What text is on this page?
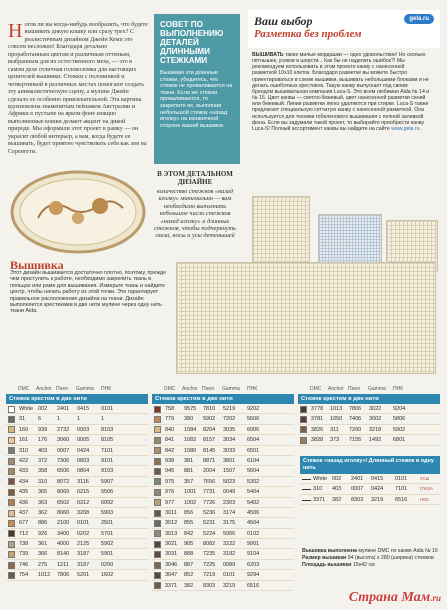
Н огли ли вы когда-нибудь вообразить, что будете вышивать дикую кошку или сразу трех? С реалистичным дизайном Джейн Кемп это совсем несложно! Благодаря детально проработанным цветам и различным оттенкам, выбранным для их естественного меха, — это в самом деле отличная головоломка для настоящих ценителей вышивки. Стежки с половинкой и четвертинкой в различных местах помогают создать эту анималистическую сцену, а мулине Джейн сделало ее особенно привлекательной. Эта картина вдохновлена знаменитым пейзажем Австралии и Африки в пустыне на ярком фоне изящно выполненные кошки делают акцент на дикой природе. Мы оформили этот проект в рамку — он украсит любой интерьер, а вам, когда будете ее вышивать, будет приятно чувствовать себя как лев на Серенгети.
СОВЕТ ПО ВЫПОЛНЕНИЮ ДЕТАЛЕЙ ДЛИННЫМИ СТЕЖКАМИ
Вышивая эти длинные стежки, убедитесь, что стежок не проваливается на ткани. Если же стежки проваливаются, то закрепите их, выполнив небольшой стежок «назад иголку» на изнаночной стороне вашей вышивки.
Ваш выбор
Разметка без проблем
gela.ru
ВЫШИВАТЬ такие милые мордашки — одно удовольствие! Но сколько пятнышек, усиков и шерсти... Как бы не наделать ошибок?! Мы рекомендуем использовать в этом проекте канву с нанесенной разметкой 10х10 клеток. Благодаря разметке вы можете быстро ориентироваться в схеме вышивки, вышивать небольшими блоками и не делать ошибочных крестиков. Такую канву выпускает под своим брендом вышивальная компания Luca-S. Это всем любимая Aida № 14 и № 16. Цвет канвы — светло-бежевый, цвет нанесенной разметки синий или бежевый. Линии разметки легко удаляются при стирке. Luca-S также предлагает специальную сетчатую канву с нанесенной разметкой. Она используется для техники гобеленового вышивания с полной заливкой фона. Если вы задумали такой проект, то выбирайте приобрести канву Luca-S! Полный ассортимент канвы вы найдете на сайте www.gela.ru.
В ЭТОМ ДЕТАЛЬНОМ ДИЗАЙНЕ
количество стежков «назад иголку» минимально — вам необходимо выполнить небольшое число стежков «назад иголку» и длинных стежков, чтобы подчеркнуть глаза, носы и усы детенышей
Вышивка
Этот дизайн вышивается достаточно плотно, поэтому, прежде чем приступить к работе, необходимо закрепить ткань в пяльцах или раме для вышивания. Измерьте ткань и найдите центр, чтобы начать работу из этой точки. Это гарантирует правильное расположение дизайна на ткани. Дизайн выполняется крестиками в две нити мулине через одну нить ткани Aida.
DMC Anchor Пнея Gamma ПНК
Стежок крестом в две нити
White 002 2401 0415 0101
31 6	1	1	1
160 939 2732 0003 8103
161 176 3060 0005 8105
310 403 0007 0424 7101
422 372 7306 0803 9101
433 358 6506 0804 9103
434 310 8072 3116 5907
435 365 8069 0215 5506
436 363 6502 0312 6002
437 362 8060 3208 5903
677 886 2100 0101 2501
712 926 3400 0202 5701
738 361 4000 2125 5902
739 366 8140 3187 5901
746 275 1211 3187 0200
754 1012 7806 5201 1602
DMC Anchor Пнея Gamma ПНК
Стежок крестом в две нити
758 9575 7810 5219 9202
779 380 5902 7202 5606
840 1084 8204 3035 6006
841 1082 8157 3034 6504
842 1080 8145 3033 6501
938 381 8871 3801 6104
945 881 2004 1507 5604
975 357 7656 5023 5302
976 1001 7731 0049 5404
977 1002 7726 2303 5402
3011 856 5236 3174 4506
3012 855 5231 3175 4504
3013 842 5224 5066 0102
3021 905 8082 3222 9001
3031 888 7235 3182 9104
3046 887 7225 0089 6203
3047 852 7219 0101 9294
3371 382 8303 3219 6516
DMC Anchor Пнея Gamma ПНК
Стежок крестом в две нити
3778 1013 7806 3022 9204
3781 1050 7406 3002 5806
3826 311 7200 3218 5902
3828 373 7155 1492 6801
Стежок «назад иголку»/ Длинный стежок в одну нить
White 002 2401 0415 0101	УСЫ
310 403 0007 0424 7101	ГЛАЗА
3371 382 8303 3219 6516	НОС
Вышивка выполнена мулине DMC по канве Aida № 16
Размер вышивки 94 (высота) х 280 (ширина) стежков
Площадь вышивки 15х42 см
Страна Мам.ru
